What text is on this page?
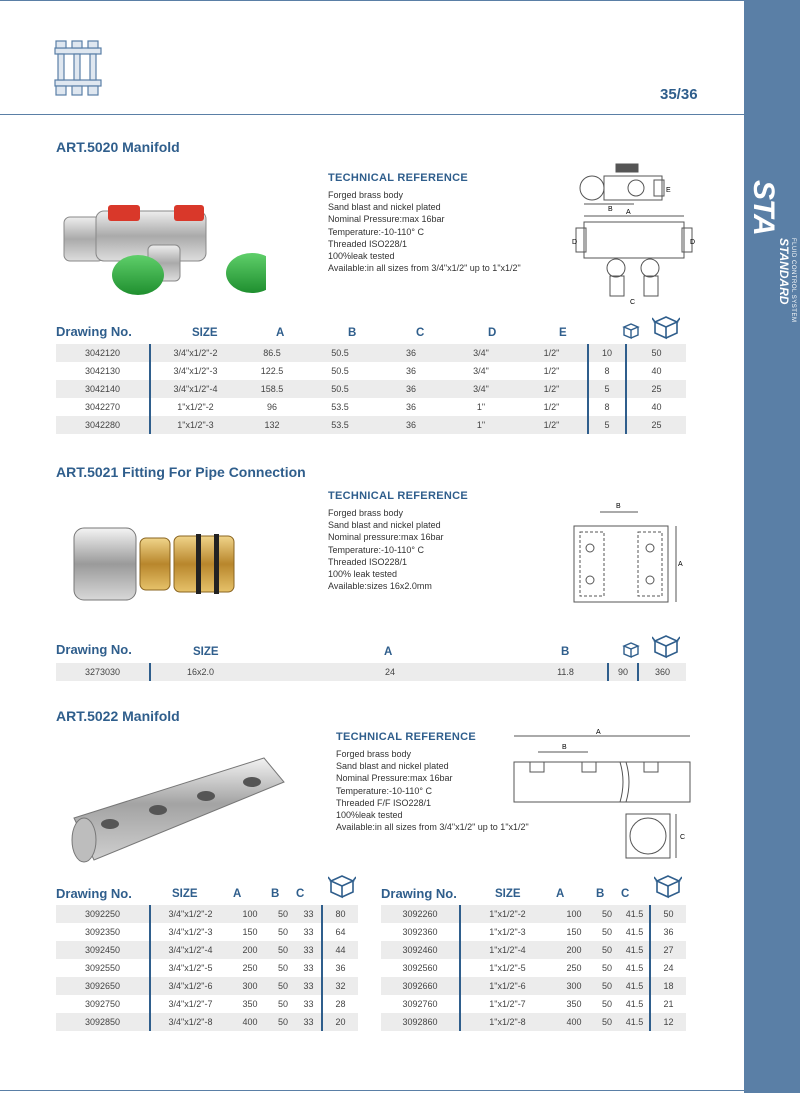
STA
STANDARD FLUID CONTROL SYSTEM
35/36
ART.5020 Manifold
TECHNICAL REFERENCE
Forged brass body
Sand blast and nickel plated
Nominal Pressure:max 16bar
Temperature:-10-110° C
Threaded ISO228/1
100%leak tested
Available:in all sizes from 3/4"x1/2" up to 1"x1/2"
A
B
D	D
C
E
Drawing No.	SIZE	A	B	C	D	E
3042120	3/4"x1/2"-2	86.5	50.5	36	3/4"	1/2"	10	50
3042130	3/4"x1/2"-3	122.5	50.5	36	3/4"	1/2"	8	40
3042140	3/4"x1/2"-4	158.5	50.5	36	3/4"	1/2"	5	25
3042270	1"x1/2"-2	96	53.5	36	1"	1/2"	8	40
3042280	1"x1/2"-3	132	53.5	36	1"	1/2"	5	25
ART.5021 Fitting For Pipe Connection
TECHNICAL REFERENCE
Forged brass body
Sand blast and nickel plated
Nominal pressure:max 16bar
Temperature:-10-110° C
Threaded ISO228/1
100% leak tested
Available:sizes 16x2.0mm
B
A
Drawing No.	SIZE	A	B
3273030	16x2.0	24	11.8	90	360
ART.5022 Manifold
TECHNICAL REFERENCE
Forged brass body
Sand blast and nickel plated
Nominal Pressure:max 16bar
Temperature:-10-110° C
Threaded F/F ISO228/1
100%leak tested
Available:in all sizes from 3/4"x1/2" up to 1"x1/2"
A
B
C
Drawing No.	SIZE	A	B C	Drawing No.	SIZE	A	B C
3092250	3/4"x1/2"-2	100	50	33	80
3092350	3/4"x1/2"-3	150	50	33	64
3092450	3/4"x1/2"-4	200	50	33	44
3092550	3/4"x1/2"-5	250	50	33	36
3092650	3/4"x1/2"-6	300	50	33	32
3092750	3/4"x1/2"-7	350	50	33	28
3092850	3/4"x1/2"-8	400	50	33	20
3092260	1"x1/2"-2	100	50	41.5	50
3092360	1"x1/2"-3	150	50	41.5	36
3092460	1"x1/2"-4	200	50	41.5	27
3092560	1"x1/2"-5	250	50	41.5	24
3092660	1"x1/2"-6	300	50	41.5	18
3092760	1"x1/2"-7	350	50	41.5	21
3092860	1"x1/2"-8	400	50	41.5	12
